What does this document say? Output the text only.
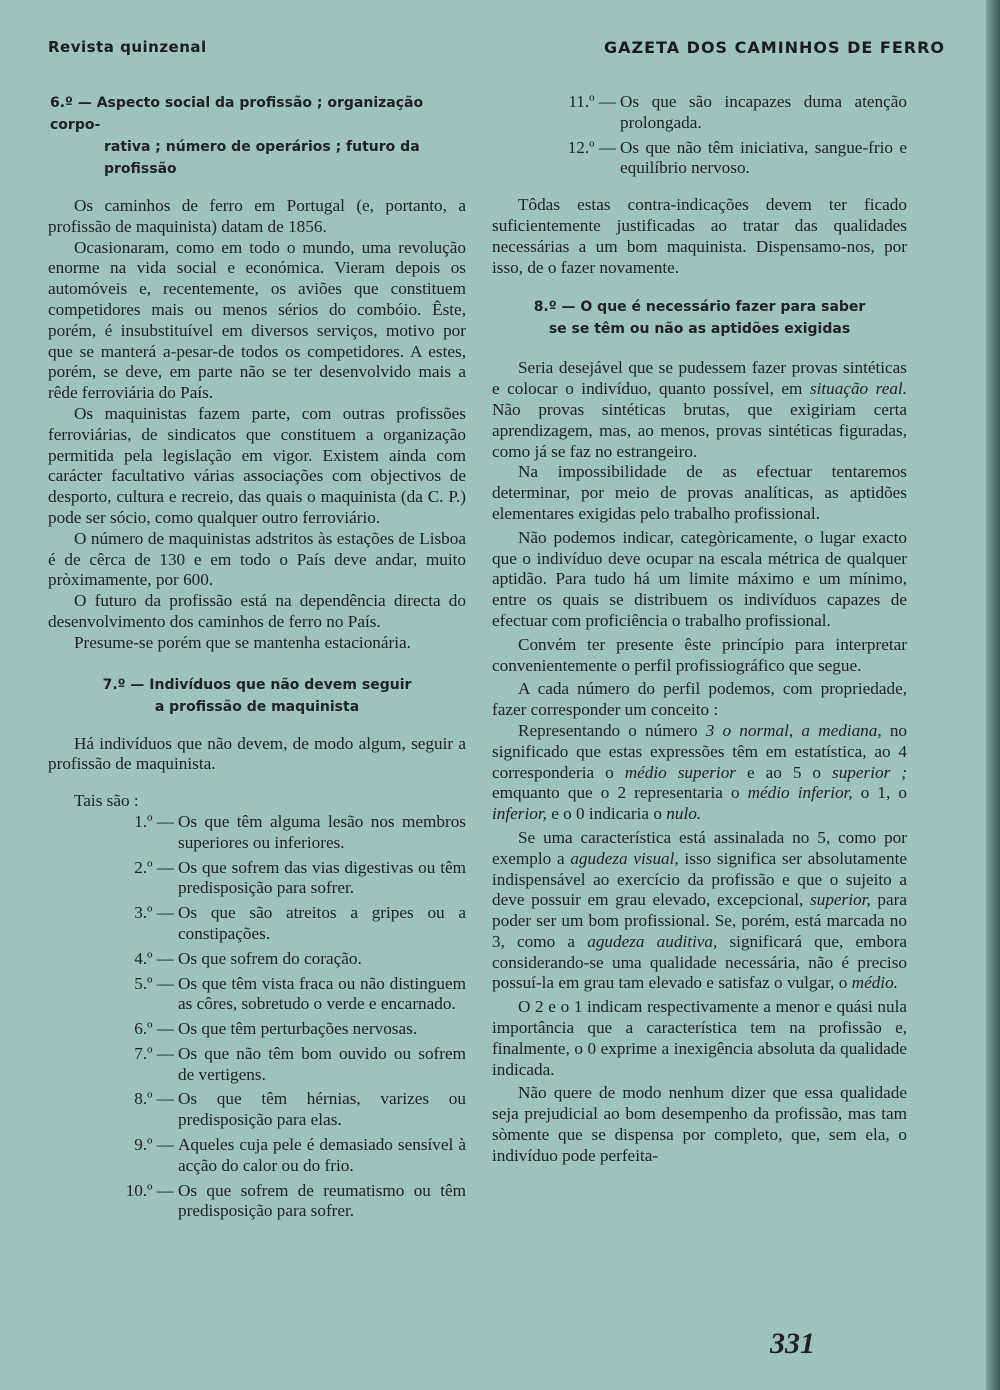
Revista quinzenal	GAZETA DOS CAMINHOS DE FERRO
6.º — Aspecto social da profissão ; organização corpo-
rativa ; número de operários ; futuro da profissão

Os caminhos de ferro em Portugal (e, portanto, a profissão de maquinista) datam de 1856.

Ocasionaram, como em todo o mundo, uma revolução enorme na vida social e económica. Vieram depois os automóveis e, recentemente, os aviões que constituem competidores mais ou menos sérios do combóio. Êste, porém, é insubstituível em diversos serviços, motivo por que se manterá a-pesar-de todos os competidores. A estes, porém, se deve, em parte não se ter desenvolvido mais a rêde ferroviária do País.

Os maquinistas fazem parte, com outras profissões ferroviárias, de sindicatos que constituem a organização permitida pela legislação em vigor. Existem ainda com carácter facultativo várias associações com objectivos de desporto, cultura e recreio, das quais o maquinista (da C. P.) pode ser sócio, como qualquer outro ferroviário.

O número de maquinistas adstritos às estações de Lisboa é de cêrca de 130 e em todo o País deve andar, muito pròximamente, por 600.

O futuro da profissão está na dependência directa do desenvolvimento dos caminhos de ferro no País.

Presume-se porém que se mantenha estacionária.

7.º — Indivíduos que não devem seguir
a profissão de maquinista

Há indivíduos que não devem, de modo algum, seguir a profissão de maquinista.

Tais são :

1.º — Os que têm alguma lesão nos membros superiores ou inferiores.
2.º — Os que sofrem das vias digestivas ou têm predisposição para sofrer.
3.º — Os que são atreitos a gripes ou a constipações.
4.º — Os que sofrem do coração.
5.º — Os que têm vista fraca ou não distinguem as côres, sobretudo o verde e encarnado.
6.º — Os que têm perturbações nervosas.
7.º — Os que não têm bom ouvido ou sofrem de vertigens.
8.º — Os que têm hérnias, varizes ou predisposição para elas.
9.º — Aqueles cuja pele é demasiado sensível à acção do calor ou do frio.
10.º — Os que sofrem de reumatismo ou têm predisposição para sofrer.
11.º — Os que são incapazes duma atenção prolongada.
12.º — Os que não têm iniciativa, sangue-frio e equilíbrio nervoso.

Tôdas estas contra-indicações devem ter ficado suficientemente justificadas ao tratar das qualidades necessárias a um bom maquinista. Dispensamo-nos, por isso, de o fazer novamente.

8.º — O que é necessário fazer para saber
se se têm ou não as aptidões exigidas

Seria desejável que se pudessem fazer provas sintéticas e colocar o indivíduo, quanto possível, em situação real. Não provas sintéticas brutas, que exigiriam certa aprendizagem, mas, ao menos, provas sintéticas figuradas, como já se faz no estrangeiro.

Na impossibilidade de as efectuar tentaremos determinar, por meio de provas analíticas, as aptidões elementares exigidas pelo trabalho profissional.

Não podemos indicar, categòricamente, o lugar exacto que o indivíduo deve ocupar na escala métrica de qualquer aptidão. Para tudo há um limite máximo e um mínimo, entre os quais se distribuem os indivíduos capazes de efectuar com proficiência o trabalho profissional.

Convém ter presente êste princípio para interpretar convenientemente o perfil profissiográfico que segue.

A cada número do perfil podemos, com propriedade, fazer corresponder um conceito :

Representando o número 3 o normal, a mediana, no significado que estas expressões têm em estatística, ao 4 corresponderia o médio superior e ao 5 o superior ; emquanto que o 2 representaria o médio inferior, o 1, o inferior, e o 0 indicaria o nulo.

Se uma característica está assinalada no 5, como por exemplo a agudeza visual, isso significa ser absolutamente indispensável ao exercício da profissão e que o sujeito a deve possuir em grau elevado, excepcional, superior, para poder ser um bom profissional. Se, porém, está marcada no 3, como a agudeza auditiva, significará que, embora considerando-se uma qualidade necessária, não é preciso possuí-la em grau tam elevado e satisfaz o vulgar, o médio.

O 2 e o 1 indicam respectivamente a menor e quási nula importância que a característica tem na profissão e, finalmente, o 0 exprime a inexigência absoluta da qualidade indicada.

Não quere de modo nenhum dizer que essa qualidade seja prejudicial ao bom desempenho da profissão, mas tam sòmente que se dispensa por completo, que, sem ela, o indivíduo pode perfeita-

331
